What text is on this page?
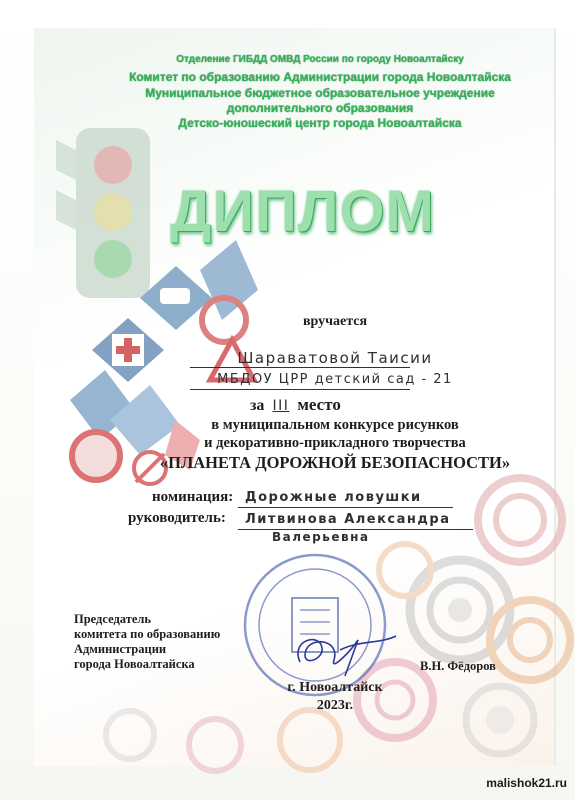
Отделение ГИБДД ОМВД России по городу Новоалтайску

Комитет по образованию Администрации города Новоалтайска

Муниципальное бюджетное образовательное учреждение

дополнительного образования

Детско-юношеский центр города Новоалтайска

ДИПЛОМ

вручается

Шараватовой Таисии

МБДОУ ЦРР детский сад - 21

за III место

в муниципальном конкурсе рисунков

и декоративно-прикладного творчества

«ПЛАНЕТА ДОРОЖНОЙ БЕЗОПАСНОСТИ»

номинация: Дорожные ловушки

руководитель: Литвинова Александра

Валерьевна

Председатель

комитета по образованию

Администрации

города Новоалтайска	В.Н. Фёдоров

г. Новоалтайск

2023г.

malishok21.ru
